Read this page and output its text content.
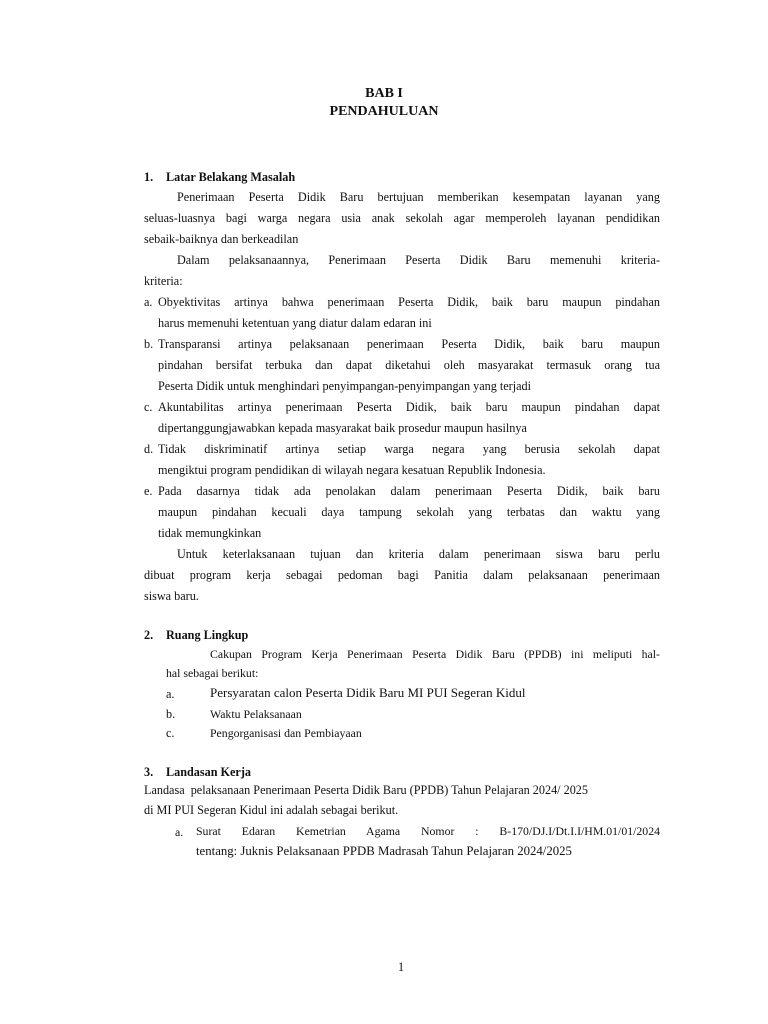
BAB I
PENDAHULUAN
1. Latar Belakang Masalah
Penerimaan Peserta Didik Baru bertujuan memberikan kesempatan layanan yang
seluas-luasnya bagi warga negara usia anak sekolah agar memperoleh layanan pendidikan
sebaik-baiknya dan berkeadilan
Dalam pelaksanaannya, Penerimaan Peserta Didik Baru memenuhi kriteria-
kriteria:
a. Obyektivitas artinya bahwa penerimaan Peserta Didik, baik baru maupun pindahan
harus memenuhi ketentuan yang diatur dalam edaran ini
b. Transparansi artinya pelaksanaan penerimaan Peserta Didik, baik baru maupun
pindahan bersifat terbuka dan dapat diketahui oleh masyarakat termasuk orang tua
Peserta Didik untuk menghindari penyimpangan-penyimpangan yang terjadi
c. Akuntabilitas artinya penerimaan Peserta Didik, baik baru maupun pindahan dapat
dipertanggungjawabkan kepada masyarakat baik prosedur maupun hasilnya
d. Tidak diskriminatif artinya setiap warga negara yang berusia sekolah dapat
mengiktui program pendidikan di wilayah negara kesatuan Republik Indonesia.
e. Pada dasarnya tidak ada penolakan dalam penerimaan Peserta Didik, baik baru
maupun pindahan kecuali daya tampung sekolah yang terbatas dan waktu yang
tidak memungkinkan
Untuk keterlaksanaan tujuan dan kriteria dalam penerimaan siswa baru perlu
dibuat program kerja sebagai pedoman bagi Panitia dalam pelaksanaan penerimaan
siswa baru.
2. Ruang Lingkup
Cakupan Program Kerja Penerimaan Peserta Didik Baru (PPDB) ini meliputi hal-
hal sebagai berikut:
a.	Persyaratan calon Peserta Didik Baru MI PUI Segeran Kidul
b.	Waktu Pelaksanaan
c.	Pengorganisasi dan Pembiayaan
3. Landasan Kerja
Landasa  pelaksanaan Penerimaan Peserta Didik Baru (PPDB) Tahun Pelajaran 2024/ 2025
di MI PUI Segeran Kidul ini adalah sebagai berikut.
a. Surat Edaran Kemetrian Agama Nomor : B-170/DJ.I/Dt.I.I/HM.01/01/2024
tentang: Juknis Pelaksanaan PPDB Madrasah Tahun Pelajaran 2024/2025
1
